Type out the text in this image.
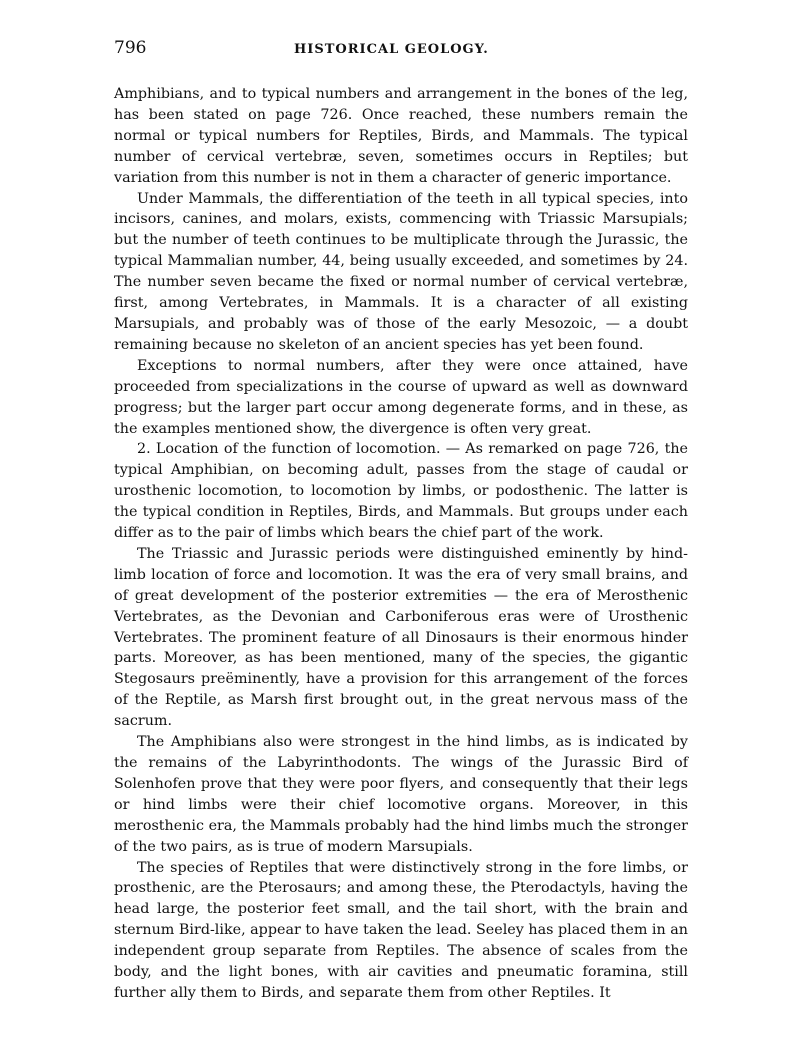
796	HISTORICAL GEOLOGY.

Amphibians, and to typical numbers and arrangement in the bones of the leg, has been stated on page 726. Once reached, these numbers remain the normal or typical numbers for Reptiles, Birds, and Mammals. The typical number of cervical vertebræ, seven, sometimes occurs in Reptiles; but variation from this number is not in them a character of generic importance.

Under Mammals, the differentiation of the teeth in all typical species, into incisors, canines, and molars, exists, commencing with Triassic Marsupials; but the number of teeth continues to be multiplicate through the Jurassic, the typical Mammalian number, 44, being usually exceeded, and sometimes by 24. The number seven became the fixed or normal number of cervical vertebræ, first, among Vertebrates, in Mammals. It is a character of all existing Marsupials, and probably was of those of the early Mesozoic, — a doubt remaining because no skeleton of an ancient species has yet been found.

Exceptions to normal numbers, after they were once attained, have proceeded from specializations in the course of upward as well as downward progress; but the larger part occur among degenerate forms, and in these, as the examples mentioned show, the divergence is often very great.

2. Location of the function of locomotion. — As remarked on page 726, the typical Amphibian, on becoming adult, passes from the stage of caudal or urosthenic locomotion, to locomotion by limbs, or podosthenic. The latter is the typical condition in Reptiles, Birds, and Mammals. But groups under each differ as to the pair of limbs which bears the chief part of the work.

The Triassic and Jurassic periods were distinguished eminently by hind-limb location of force and locomotion. It was the era of very small brains, and of great development of the posterior extremities — the era of Merosthenic Vertebrates, as the Devonian and Carboniferous eras were of Urosthenic Vertebrates. The prominent feature of all Dinosaurs is their enormous hinder parts. Moreover, as has been mentioned, many of the species, the gigantic Stegosaurs preëminently, have a provision for this arrangement of the forces of the Reptile, as Marsh first brought out, in the great nervous mass of the sacrum.

The Amphibians also were strongest in the hind limbs, as is indicated by the remains of the Labyrinthodonts. The wings of the Jurassic Bird of Solenhofen prove that they were poor flyers, and consequently that their legs or hind limbs were their chief locomotive organs. Moreover, in this merosthenic era, the Mammals probably had the hind limbs much the stronger of the two pairs, as is true of modern Marsupials.

The species of Reptiles that were distinctively strong in the fore limbs, or prosthenic, are the Pterosaurs; and among these, the Pterodactyls, having the head large, the posterior feet small, and the tail short, with the brain and sternum Bird-like, appear to have taken the lead. Seeley has placed them in an independent group separate from Reptiles. The absence of scales from the body, and the light bones, with air cavities and pneumatic foramina, still further ally them to Birds, and separate them from other Reptiles. It
